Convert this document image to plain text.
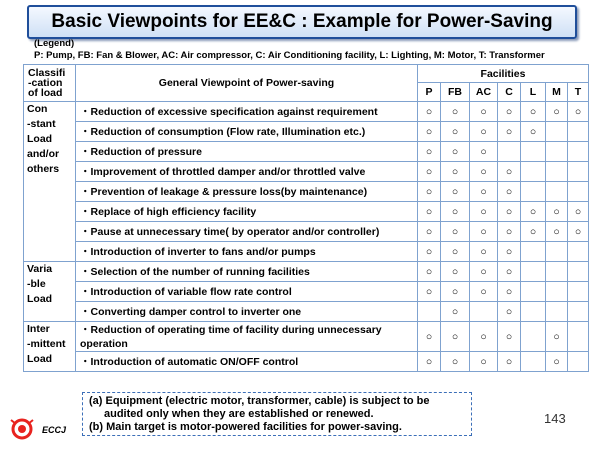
Basic Viewpoints for EE&C : Example for Power-Saving
(Legend)
P: Pump, FB: Fan & Blower, AC: Air compressor, C: Air Conditioning facility, L: Lighting, M: Motor, T: Transformer
Classifi
-cation
of load	General Viewpoint of Power-saving	Facilities						
		P	FB	AC	C	L	M	T

Con
-stant
Load
and/or
others	・Reduction of excessive specification against requirement	○	○	○	○	○	○	○
	・Reduction of consumption (Flow rate, Illumination etc.)	○	○	○	○	○		
	・Reduction of pressure	○	○	○				
	・Improvement of throttled damper and/or throttled valve	○	○	○	○			
	・Prevention of leakage & pressure loss(by maintenance)	○	○	○	○			
	・Replace of high efficiency facility	○	○	○	○	○	○	○
	・Pause at unnecessary time( by operator and/or controller)	○	○	○	○	○	○	○
	・Introduction of inverter to fans and/or pumps	○	○	○	○			

Varia
-ble
Load	・Selection of the number of running facilities	○	○	○	○			
	・Introduction of variable flow rate control	○	○	○	○			
	・Converting damper control to inverter one		○		○			

Inter
-mittent
Load	・Reduction of operating time of facility during unnecessary operation	○	○	○	○		○	
	・Introduction of automatic ON/OFF control	○	○	○	○		○	
(a) Equipment (electric motor, transformer, cable) is subject to be
audited only when they are established or renewed.
(b) Main target is motor-powered facilities for power-saving.
143
ECCJ
